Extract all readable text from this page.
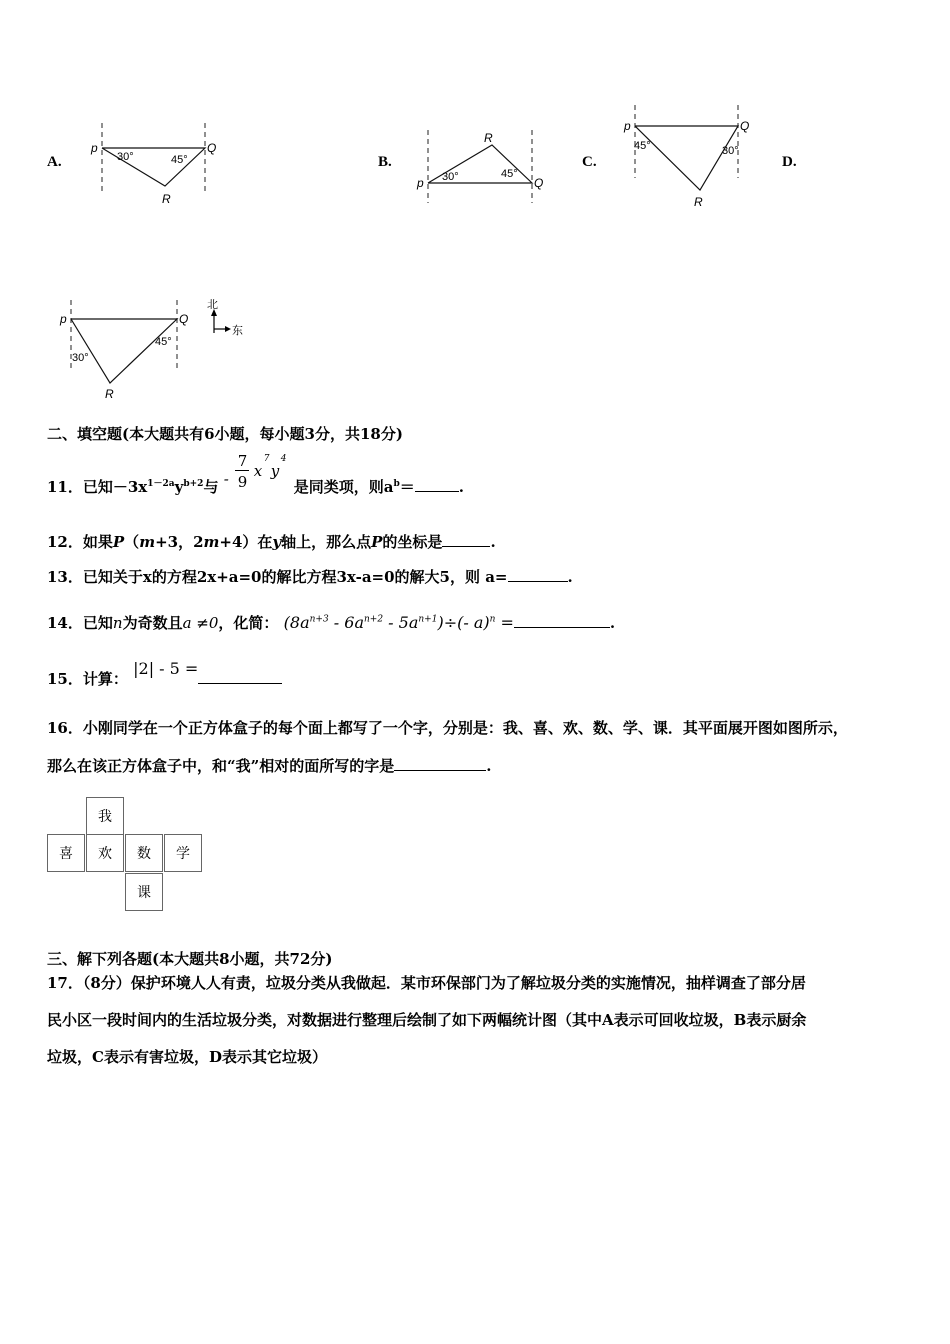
A.
p	Q
R
30°	45°	B.
p	Q
R
30°	45°
C.
p	Q
R
45°	30°
D.
p	Q
R
30°
45°
北
东
二、填空题(本大题共有6小题，每小题3分，共18分)
11．已知$-3x^{1-2a}y^{b+2}$与 -
7
9
x
7
y
4
是同类项，则$a^b=$	.
12．如果P（m+3，2m+4）在y轴上，那么点P的坐标是	.
13．已知关于x的方程2x+a=0的解比方程3x-a=0的解大5，则 a=	.
14．已知n为奇数且a ≠0，化简： $(8a^{n+3} - 6a^{n+2} - 5a^{n+1})\div(-$ a)$^n$ =	.
15．计算： |2| - 5 =
16．小刚同学在一个正方体盒子的每个面上都写了一个字，分别是：我、喜、欢、数、学、课．其平面展开图如图所示，
那么在该正方体盒子中，和“我”相对的面所写的字是	.
我
喜	欢	数	学
课
三、解下列各题(本大题共8小题，共72分)
17．（8分）保护环境人人有责，垃圾分类从我做起．某市环保部门为了解垃圾分类的实施情况，抽样调查了部分居
民小区一段时间内的生活垃圾分类，对数据进行整理后绘制了如下两幅统计图（其中A表示可回收垃圾，B表示厨余
垃圾，C表示有害垃圾，D表示其它垃圾）
